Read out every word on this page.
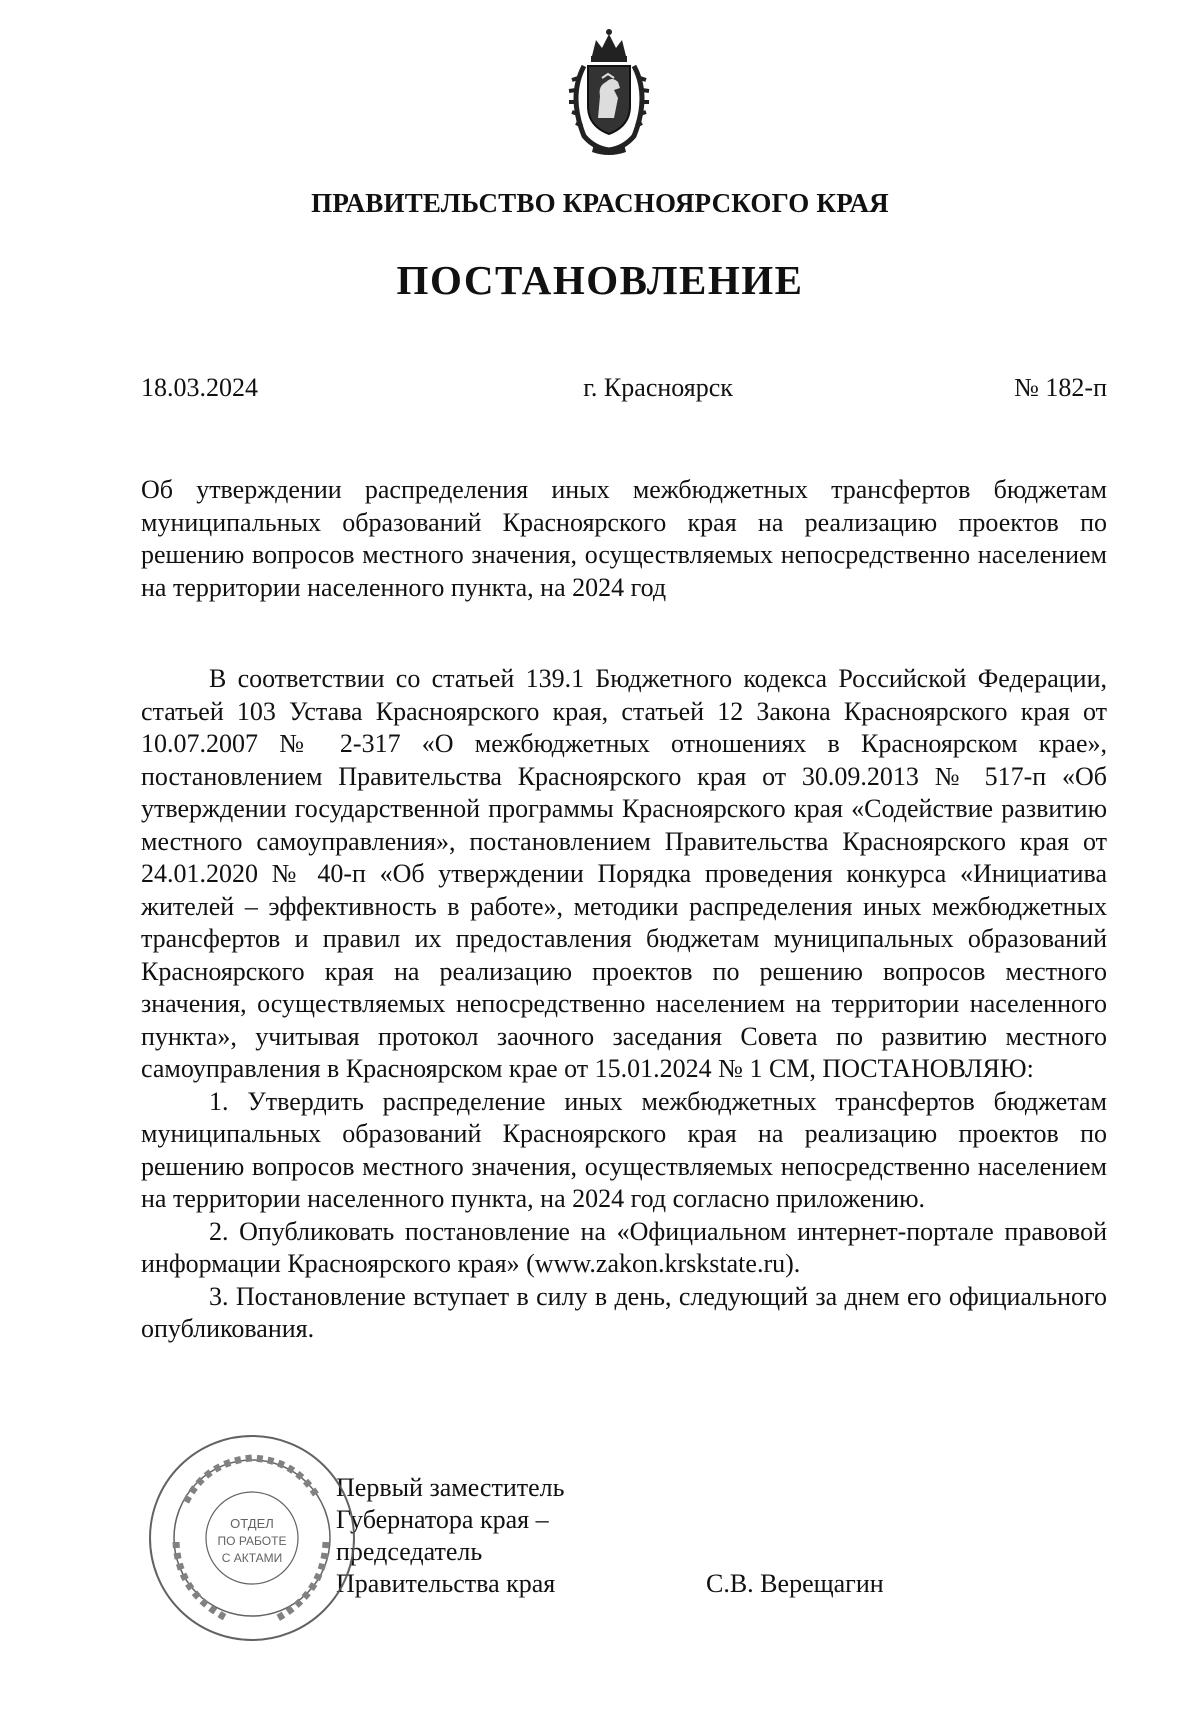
ПРАВИТЕЛЬСТВО КРАСНОЯРСКОГО КРАЯ
ПОСТАНОВЛЕНИЕ
18.03.2024	г. Красноярск	№ 182-п
Об утверждении распределения иных межбюджетных трансфертов бюджетам муниципальных образований Красноярского края на реализацию проектов по решению вопросов местного значения, осуществляемых непосредственно населением на территории населенного пункта, на 2024 год

В соответствии со статьей 139.1 Бюджетного кодекса Российской Федерации, статьей 103 Устава Красноярского края, статьей 12 Закона Красноярского края от 10.07.2007 № 2-317 «О межбюджетных отношениях в Красноярском крае», постановлением Правительства Красноярского края от 30.09.2013 № 517-п «Об утверждении государственной программы Красноярского края «Содействие развитию местного самоуправления», постановлением Правительства Красноярского края от 24.01.2020 № 40-п «Об утверждении Порядка проведения конкурса «Инициатива жителей – эффективность в работе», методики распределения иных межбюджетных трансфертов и правил их предоставления бюджетам муниципальных образований Красноярского края на реализацию проектов по решению вопросов местного значения, осуществляемых непосредственно населением на территории населенного пункта», учитывая протокол заочного заседания Совета по развитию местного самоуправления в Красноярском крае от 15.01.2024 № 1 СМ, ПОСТАНОВЛЯЮ:

1. Утвердить распределение иных межбюджетных трансфертов бюджетам муниципальных образований Красноярского края на реализацию проектов по решению вопросов местного значения, осуществляемых непосредственно населением на территории населенного пункта, на 2024 год согласно приложению.

2. Опубликовать постановление на «Официальном интернет-портале правовой информации Красноярского края» (www.zakon.krskstate.ru).

3. Постановление вступает в силу в день, следующий за днем его официального опубликования.

Первый заместитель
Губернатора края –
председатель
Правительства края	С.В. Верещагин
ОТДЕЛ
ПО РАБОТЕ
С АКТАМИ
